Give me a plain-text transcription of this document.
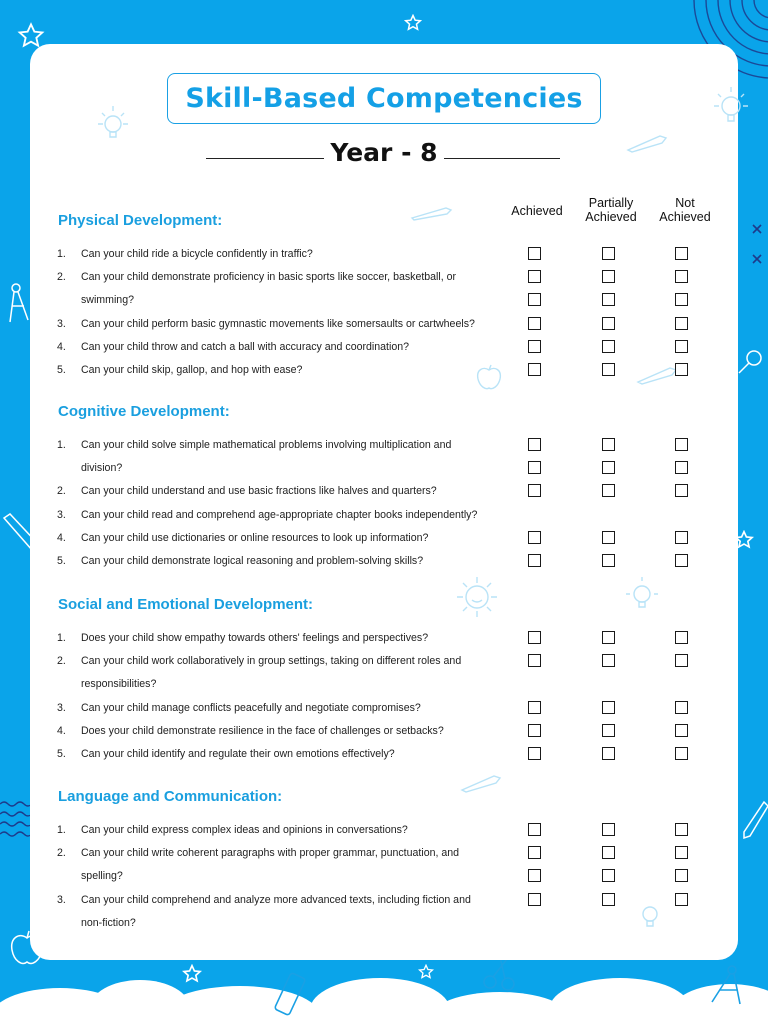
Skill-Based Competencies
Year - 8
Achieved
Partially
Achieved
Not
Achieved
Physical Development:
1. Can your child ride a bicycle confidently in traffic?
2. Can your child demonstrate proficiency in basic sports like soccer, basketball, or
swimming?
3. Can your child perform basic gymnastic movements like somersaults or cartwheels?
4. Can your child throw and catch a ball with accuracy and coordination?
5. Can your child skip, gallop, and hop with ease?
Cognitive Development:
1. Can your child solve simple mathematical problems involving multiplication and
division?
2. Can your child understand and use basic fractions like halves and quarters?
3. Can your child read and comprehend age-appropriate chapter books independently?
4. Can your child use dictionaries or online resources to look up information?
5. Can your child demonstrate logical reasoning and problem-solving skills?
Social and Emotional Development:
1. Does your child show empathy towards others' feelings and perspectives?
2. Can your child work collaboratively in group settings, taking on different roles and
responsibilities?
3. Can your child manage conflicts peacefully and negotiate compromises?
4. Does your child demonstrate resilience in the face of challenges or setbacks?
5. Can your child identify and regulate their own emotions effectively?
Language and Communication:
1. Can your child express complex ideas and opinions in conversations?
2. Can your child write coherent paragraphs with proper grammar, punctuation, and
spelling?
3. Can your child comprehend and analyze more advanced texts, including fiction and
non-fiction?
